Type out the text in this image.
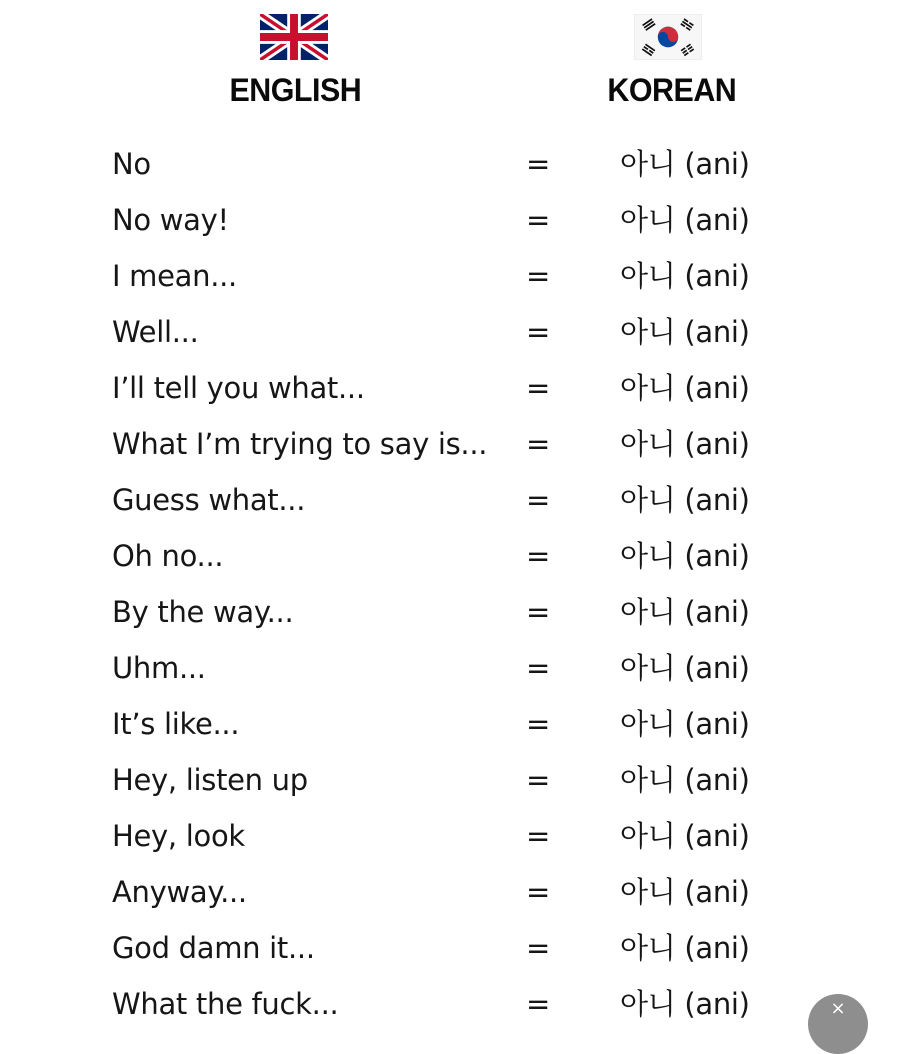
ENGLISH	KOREAN
No	= 아니 (ani)
No way!	= 아니 (ani)
I mean...	= 아니 (ani)
Well...	= 아니 (ani)
I’ll tell you what...	= 아니 (ani)
What I’m trying to say is... = 아니 (ani)
Guess what...	= 아니 (ani)
Oh no...	= 아니 (ani)
By the way...	= 아니 (ani)
Uhm...	= 아니 (ani)
It’s like...	= 아니 (ani)
Hey, listen up	= 아니 (ani)
Hey, look	= 아니 (ani)
Anyway...	= 아니 (ani)
God damn it...	= 아니 (ani)
What the fuck...	= 아니 (ani)	×
